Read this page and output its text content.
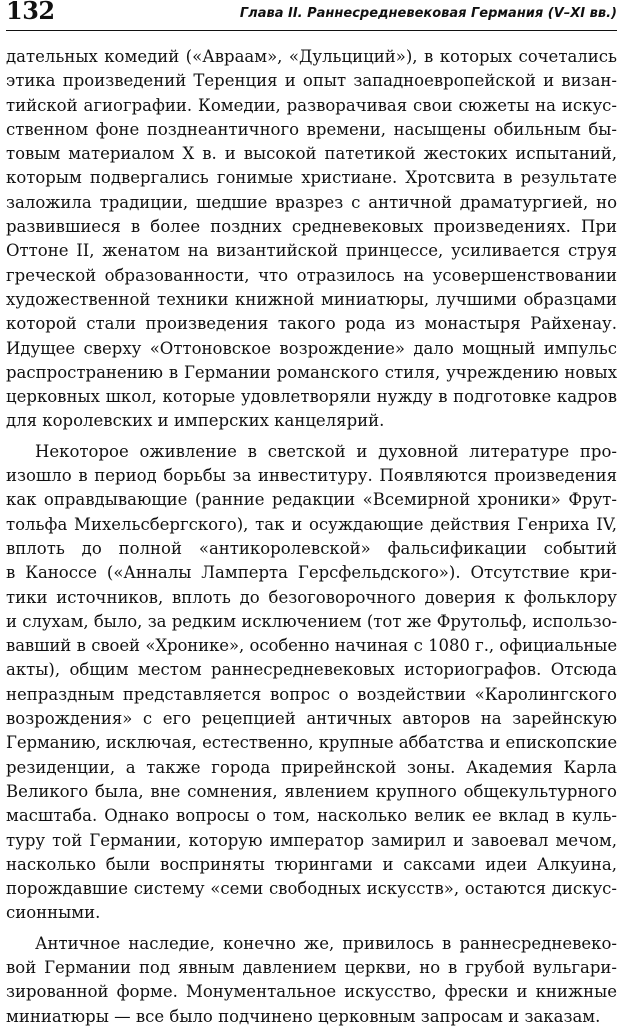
132	Глава II. Раннесредневековая Германия (V–XI вв.)
дательных комедий («Авраам», «Дульциций»), в которых сочетались
этика произведений Теренция и опыт западноевропейской и визан-
тийской агиографии. Комедии, разворачивая свои сюжеты на искус-
ственном фоне позднеантичного времени, насыщены обильным бы-
товым материалом X в. и высокой патетикой жестоких испытаний,
которым подвергались гонимые христиане. Хротсвита в результате
заложила традиции, шедшие вразрез с античной драматургией, но
развившиеся в более поздних средневековых произведениях. При
Оттоне II, женатом на византийской принцессе, усиливается струя
греческой образованности, что отразилось на усовершенствовании
художественной техники книжной миниатюры, лучшими образцами
которой стали произведения такого рода из монастыря Райхенау.
Идущее сверху «Оттоновское возрождение» дало мощный импульс
распространению в Германии романского стиля, учреждению новых
церковных школ, которые удовлетворяли нужду в подготовке кадров
для королевских и имперских канцелярий.
Некоторое оживление в светской и духовной литературе про-
изошло в период борьбы за инвеституру. Появляются произведения
как оправдывающие (ранние редакции «Всемирной хроники» Фрут-
тольфа Михельсбергского), так и осуждающие действия Генриха IV,
вплоть до полной «антикоролевской» фальсификации событий
в Каноссе («Анналы Ламперта Герсфельдского»). Отсутствие кри-
тики источников, вплоть до безоговорочного доверия к фольклору
и слухам, было, за редким исключением (тот же Фрутольф, использо-
вавший в своей «Хронике», особенно начиная с 1080 г., официальные
акты), общим местом раннесредневековых историографов. Отсюда
непраздным представляется вопрос о воздействии «Каролингского
возрождения» с его рецепцией античных авторов на зарейнскую
Германию, исключая, естественно, крупные аббатства и епископские
резиденции, а также города прирейнской зоны. Академия Карла
Великого была, вне сомнения, явлением крупного общекультурного
масштаба. Однако вопросы о том, насколько велик ее вклад в куль-
туру той Германии, которую император замирил и завоевал мечом,
насколько были восприняты тюрингами и саксами идеи Алкуина,
порождавшие систему «семи свободных искусств», остаются дискус-
сионными.
Античное наследие, конечно же, привилось в раннесредневеко-
вой Германии под явным давлением церкви, но в грубой вульгари-
зированной форме. Монументальное искусство, фрески и книжные
миниатюры — все было подчинено церковным запросам и заказам.
